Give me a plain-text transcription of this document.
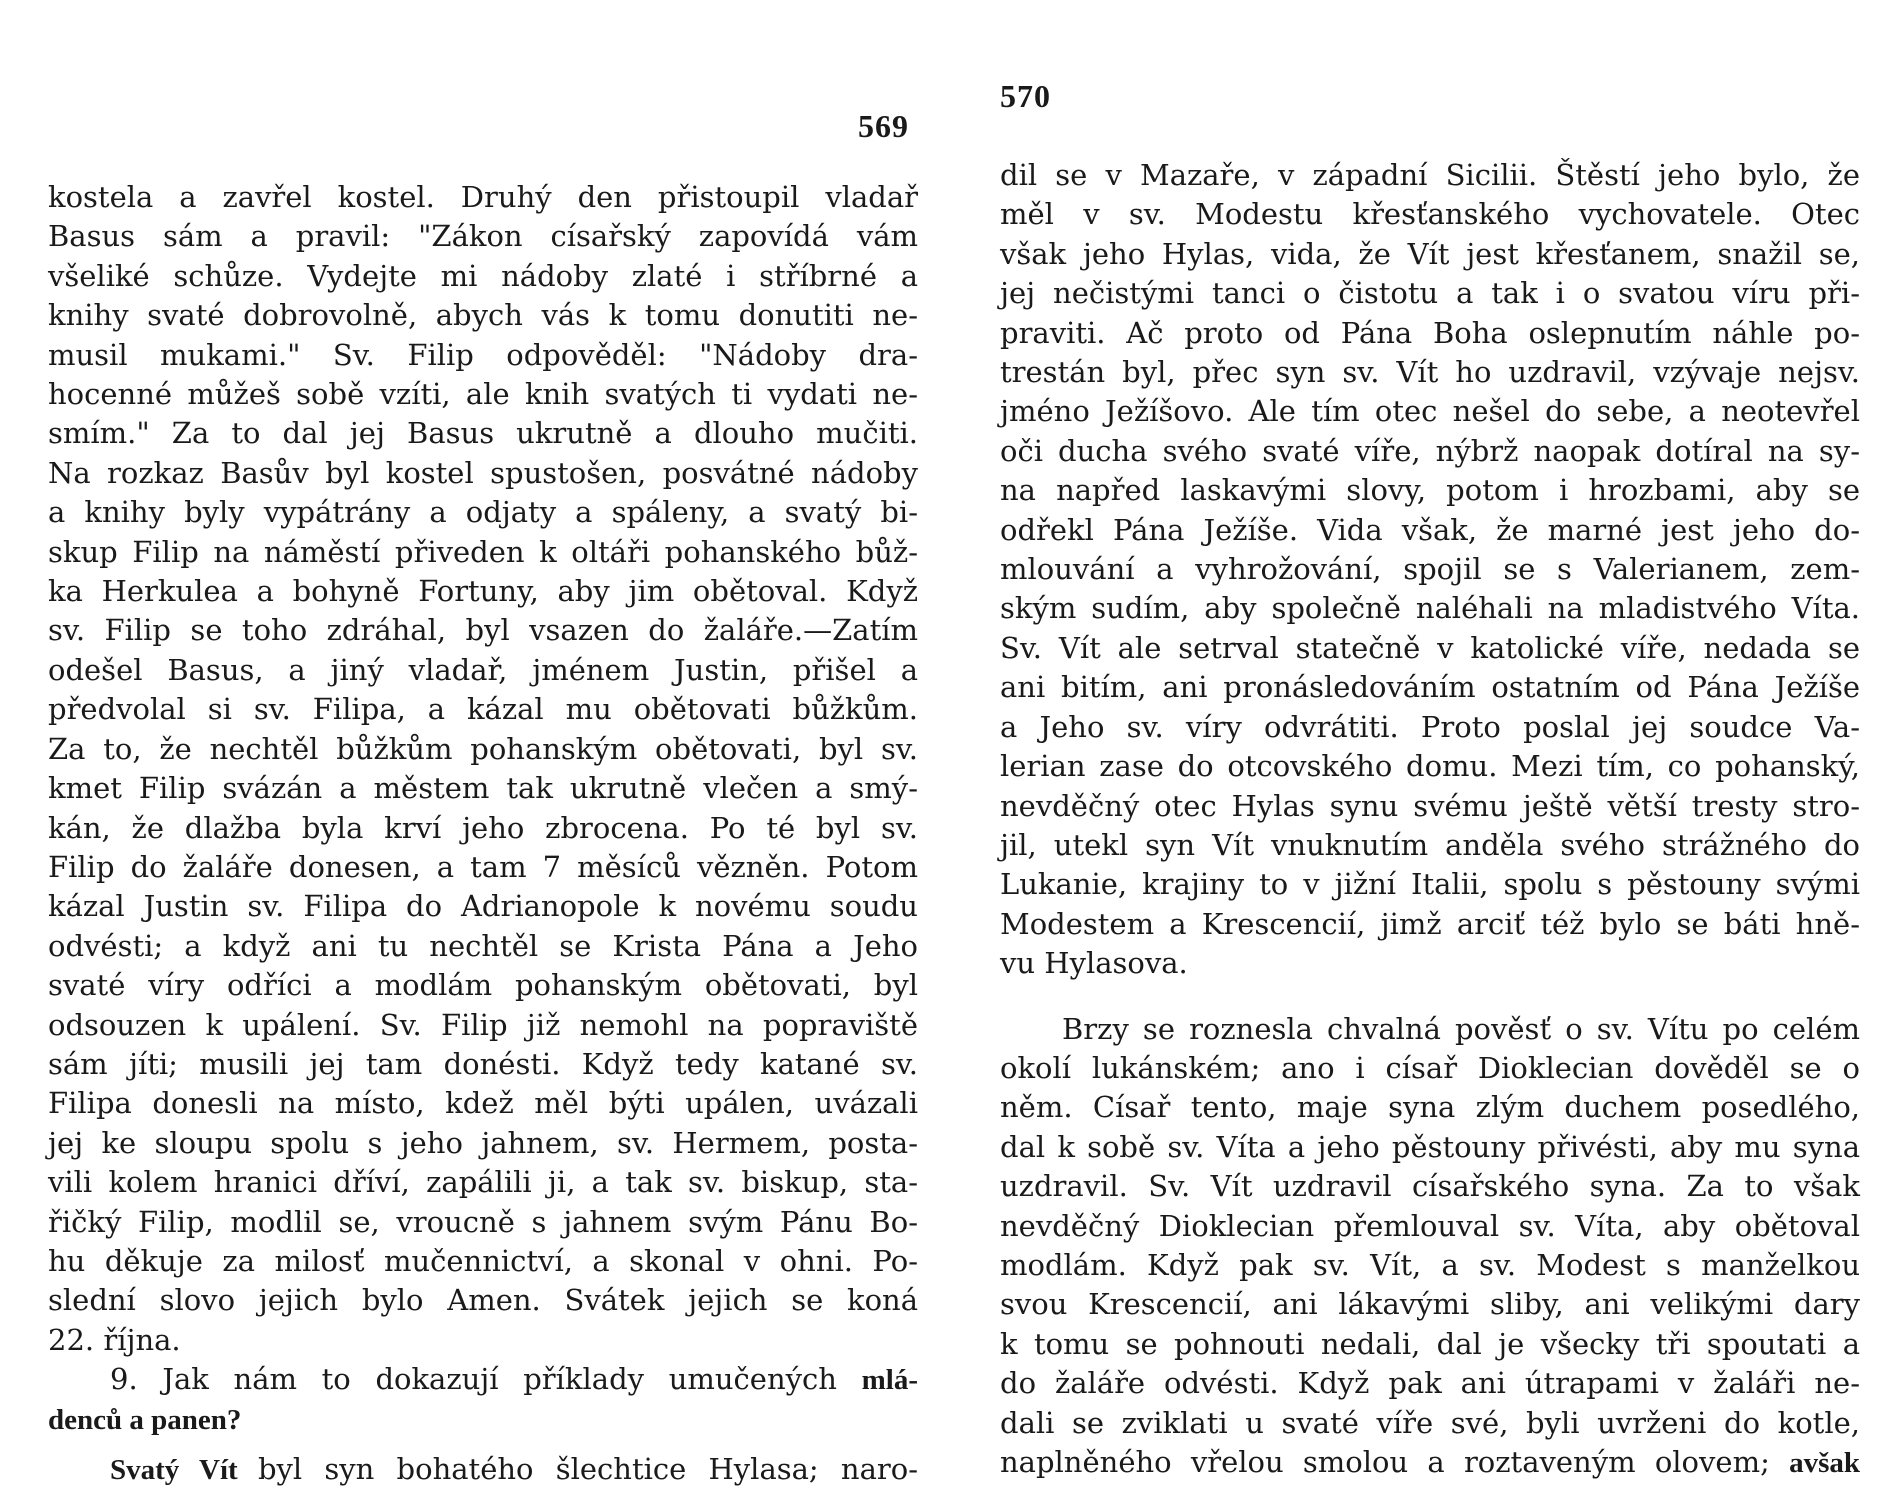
569
kostela a zavřel kostel. Druhý den přistoupil vladař
Basus sám a pravil: "Zákon císařský zapovídá vám
všeliké schůze. Vydejte mi nádoby zlaté i stříbrné a
knihy svaté dobrovolně, abych vás k tomu donutiti ne-
musil mukami." Sv. Filip odpověděl: "Nádoby dra-
hocenné můžeš sobě vzíti, ale knih svatých ti vydati ne-
smím." Za to dal jej Basus ukrutně a dlouho mučiti.
Na rozkaz Basův byl kostel spustošen, posvátné nádoby
a knihy byly vypátrány a odjaty a spáleny, a svatý bi-
skup Filip na náměstí přiveden k oltáři pohanského bůž-
ka Herkulea a bohyně Fortuny, aby jim obětoval. Když
sv. Filip se toho zdráhal, byl vsazen do žaláře.—Zatím
odešel Basus, a jiný vladař, jménem Justin, přišel a
předvolal si sv. Filipa, a kázal mu obětovati bůžkům.
Za to, že nechtěl bůžkům pohanským obětovati, byl sv.
kmet Filip svázán a městem tak ukrutně vlečen a smý-
kán, že dlažba byla krví jeho zbrocena. Po té byl sv.
Filip do žaláře donesen, a tam 7 měsíců vězněn. Potom
kázal Justin sv. Filipa do Adrianopole k novému soudu
odvésti; a když ani tu nechtěl se Krista Pána a Jeho
svaté víry odříci a modlám pohanským obětovati, byl
odsouzen k upálení. Sv. Filip již nemohl na popraviště
sám jíti; musili jej tam donésti. Když tedy katané sv.
Filipa donesli na místo, kdež měl býti upálen, uvázali
jej ke sloupu spolu s jeho jahnem, sv. Hermem, posta-
vili kolem hranici dříví, zapálili ji, a tak sv. biskup, sta-
řičký Filip, modlil se, vroucně s jahnem svým Pánu Bo-
hu děkuje za milosť mučennictví, a skonal v ohni. Po-
slední slovo jejich bylo Amen. Svátek jejich se koná
22. října.
9. Jak nám to dokazují příklady umučených mlá-
denců a panen?
Svatý Vít byl syn bohatého šlechtice Hylasa; naro-
570
dil se v Mazaře, v západní Sicilii. Štěstí jeho bylo, že
měl v sv. Modestu křesťanského vychovatele. Otec
však jeho Hylas, vida, že Vít jest křesťanem, snažil se,
jej nečistými tanci o čistotu a tak i o svatou víru při-
praviti. Ač proto od Pána Boha oslepnutím náhle po-
trestán byl, přec syn sv. Vít ho uzdravil, vzývaje nejsv.
jméno Ježíšovo. Ale tím otec nešel do sebe, a neotevřel
oči ducha svého svaté víře, nýbrž naopak dotíral na sy-
na napřed laskavými slovy, potom i hrozbami, aby se
odřekl Pána Ježíše. Vida však, že marné jest jeho do-
mlouvání a vyhrožování, spojil se s Valerianem, zem-
ským sudím, aby společně naléhali na mladistvého Víta.
Sv. Vít ale setrval statečně v katolické víře, nedada se
ani bitím, ani pronásledováním ostatním od Pána Ježíše
a Jeho sv. víry odvrátiti. Proto poslal jej soudce Va-
lerian zase do otcovského domu. Mezi tím, co pohanský,
nevděčný otec Hylas synu svému ještě větší tresty stro-
jil, utekl syn Vít vnuknutím anděla svého strážného do
Lukanie, krajiny to v jižní Italii, spolu s pěstouny svými
Modestem a Krescencií, jimž arciť též bylo se báti hně-
vu Hylasova.
Brzy se roznesla chvalná pověsť o sv. Vítu po celém
okolí lukánském; ano i císař Dioklecian dověděl se o
něm. Císař tento, maje syna zlým duchem posedlého,
dal k sobě sv. Víta a jeho pěstouny přivésti, aby mu syna
uzdravil. Sv. Vít uzdravil císařského syna. Za to však
nevděčný Dioklecian přemlouval sv. Víta, aby obětoval
modlám. Když pak sv. Vít, a sv. Modest s manželkou
svou Krescencií, ani lákavými sliby, ani velikými dary
k tomu se pohnouti nedali, dal je všecky tři spoutati a
do žaláře odvésti. Když pak ani útrapami v žaláři ne-
dali se zviklati u svaté víře své, byli uvrženi do kotle,
naplněného vřelou smolou a roztaveným olovem; avšak
